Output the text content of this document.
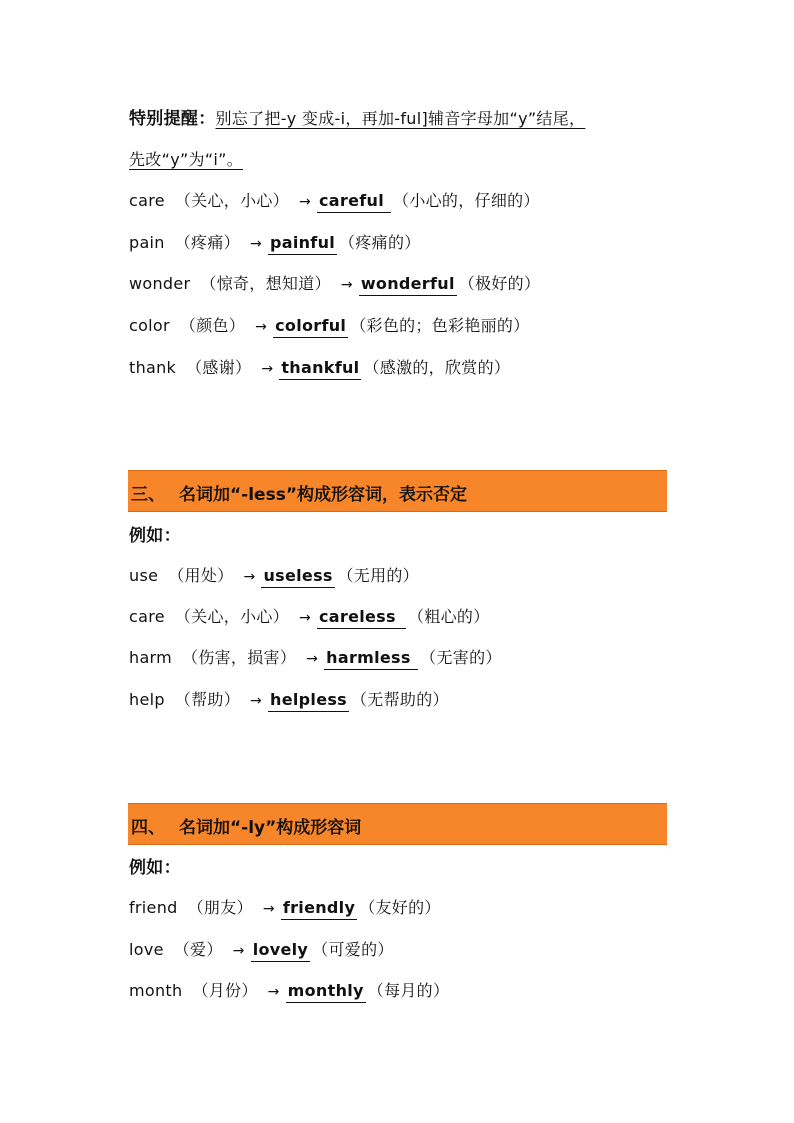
特别提醒：别忘了把-y 变成-i，再加-ful]辅音字母加“y”结尾，
先改“y”为“i”。
care （关心，小心） → careful （小心的，仔细的）
pain （疼痛） → painful （疼痛的）
wonder （惊奇，想知道） → wonderful （极好的）
color （颜色） → colorful （彩色的；色彩艳丽的）
thank （感谢） → thankful （感激的，欣赏的）
三、 名词加“-less”构成形容词，表示否定
例如：
use （用处） → useless （无用的）
care （关心，小心） → careless （粗心的）
harm （伤害，损害） → harmless （无害的）
help （帮助） → helpless （无帮助的）
四、 名词加“-ly”构成形容词
例如：
friend （朋友） → friendly （友好的）
love （爱） → lovely （可爱的）
month （月份） → monthly （每月的）
